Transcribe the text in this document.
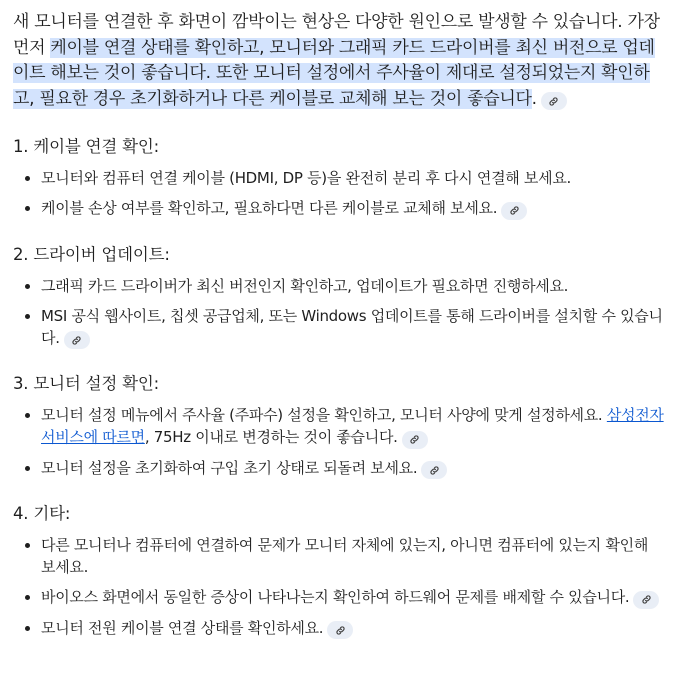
새 모니터를 연결한 후 화면이 깜박이는 현상은 다양한 원인으로 발생할 수 있습니다. 가장 먼저 케이블 연결 상태를 확인하고, 모니터와 그래픽 카드 드라이버를 최신 버전으로 업데이트 해보는 것이 좋습니다. 또한 모니터 설정에서 주사율이 제대로 설정되었는지 확인하고, 필요한 경우 초기화하거나 다른 케이블로 교체해 보는 것이 좋습니다.

1. 케이블 연결 확인:
모니터와 컴퓨터 연결 케이블 (HDMI, DP 등)을 완전히 분리 후 다시 연결해 보세요.
케이블 손상 여부를 확인하고, 필요하다면 다른 케이블로 교체해 보세요.
2. 드라이버 업데이트:
그래픽 카드 드라이버가 최신 버전인지 확인하고, 업데이트가 필요하면 진행하세요.
MSI 공식 웹사이트, 칩셋 공급업체, 또는 Windows 업데이트를 통해 드라이버를 설치할 수 있습니다.
3. 모니터 설정 확인:
모니터 설정 메뉴에서 주사율 (주파수) 설정을 확인하고, 모니터 사양에 맞게 설정하세요. 삼성전자서비스에 따르면, 75Hz 이내로 변경하는 것이 좋습니다.
모니터 설정을 초기화하여 구입 초기 상태로 되돌려 보세요.
4. 기타:
다른 모니터나 컴퓨터에 연결하여 문제가 모니터 자체에 있는지, 아니면 컴퓨터에 있는지 확인해 보세요.
바이오스 화면에서 동일한 증상이 나타나는지 확인하여 하드웨어 문제를 배제할 수 있습니다.
모니터 전원 케이블 연결 상태를 확인하세요.
